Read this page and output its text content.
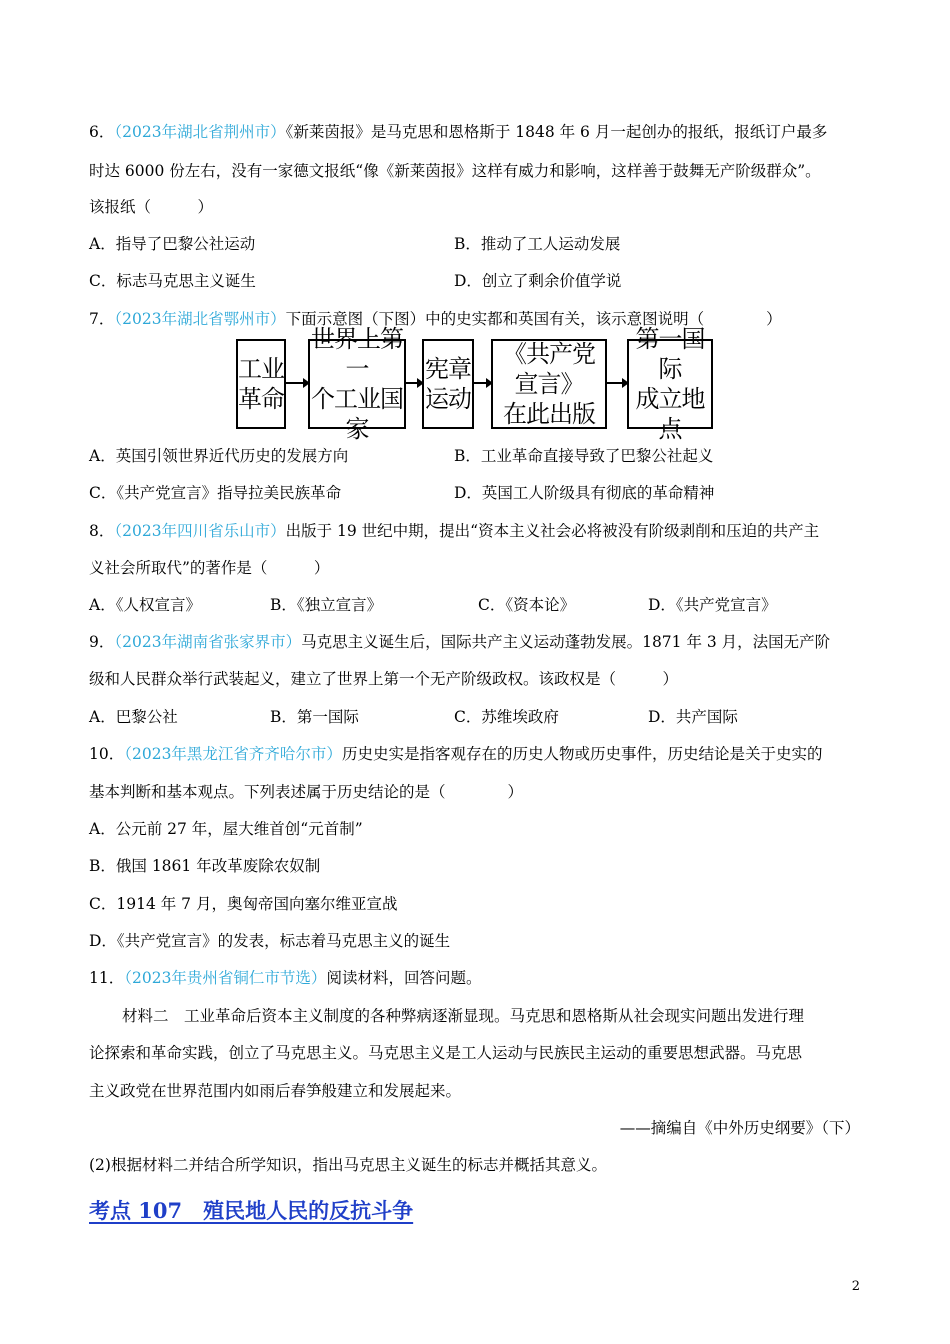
6．（2023年湖北省荆州市）《新莱茵报》是马克思和恩格斯于 1848 年 6 月一起创办的报纸，报纸订户最多
时达 6000 份左右，没有一家德文报纸“像《新莱茵报》这样有威力和影响，这样善于鼓舞无产阶级群众”。
该报纸（　　　）
A．指导了巴黎公社运动	B．推动了工人运动发展
C．标志马克思主义诞生	D．创立了剩余价值学说
7．（2023年湖北省鄂州市）下面示意图（下图）中的史实都和英国有关，该示意图说明（　　　　）
工业
革命
世界上第一
个工业国家
宪章
运动
《共产党宣言》
在此出版
第一国际
成立地点
A．英国引领世界近代历史的发展方向	B．工业革命直接导致了巴黎公社起义
C．《共产党宣言》指导拉美民族革命	D．英国工人阶级具有彻底的革命精神
8．（2023年四川省乐山市）出版于 19 世纪中期，提出“资本主义社会必将被没有阶级剥削和压迫的共产主
义社会所取代”的著作是（　　　）
A．《人权宣言》	B．《独立宣言》	C．《资本论》	D．《共产党宣言》
9．（2023年湖南省张家界市）马克思主义诞生后，国际共产主义运动蓬勃发展。1871 年 3 月，法国无产阶
级和人民群众举行武装起义，建立了世界上第一个无产阶级政权。该政权是（　　　）
A．巴黎公社	B．第一国际	C．苏维埃政府	D．共产国际
10．（2023年黑龙江省齐齐哈尔市）历史史实是指客观存在的历史人物或历史事件，历史结论是关于史实的
基本判断和基本观点。下列表述属于历史结论的是（　　　　）
A．公元前 27 年，屋大维首创“元首制”
B．俄国 1861 年改革废除农奴制
C．1914 年 7 月，奥匈帝国向塞尔维亚宣战
D．《共产党宣言》的发表，标志着马克思主义的诞生
11．（2023年贵州省铜仁市节选）阅读材料，回答问题。
材料二　工业革命后资本主义制度的各种弊病逐渐显现。马克思和恩格斯从社会现实问题出发进行理
论探索和革命实践，创立了马克思主义。马克思主义是工人运动与民族民主运动的重要思想武器。马克思
主义政党在世界范围内如雨后春笋般建立和发展起来。
——摘编自《中外历史纲要》（下）
(2)根据材料二并结合所学知识，指出马克思主义诞生的标志并概括其意义。
考点 107　殖民地人民的反抗斗争
2
